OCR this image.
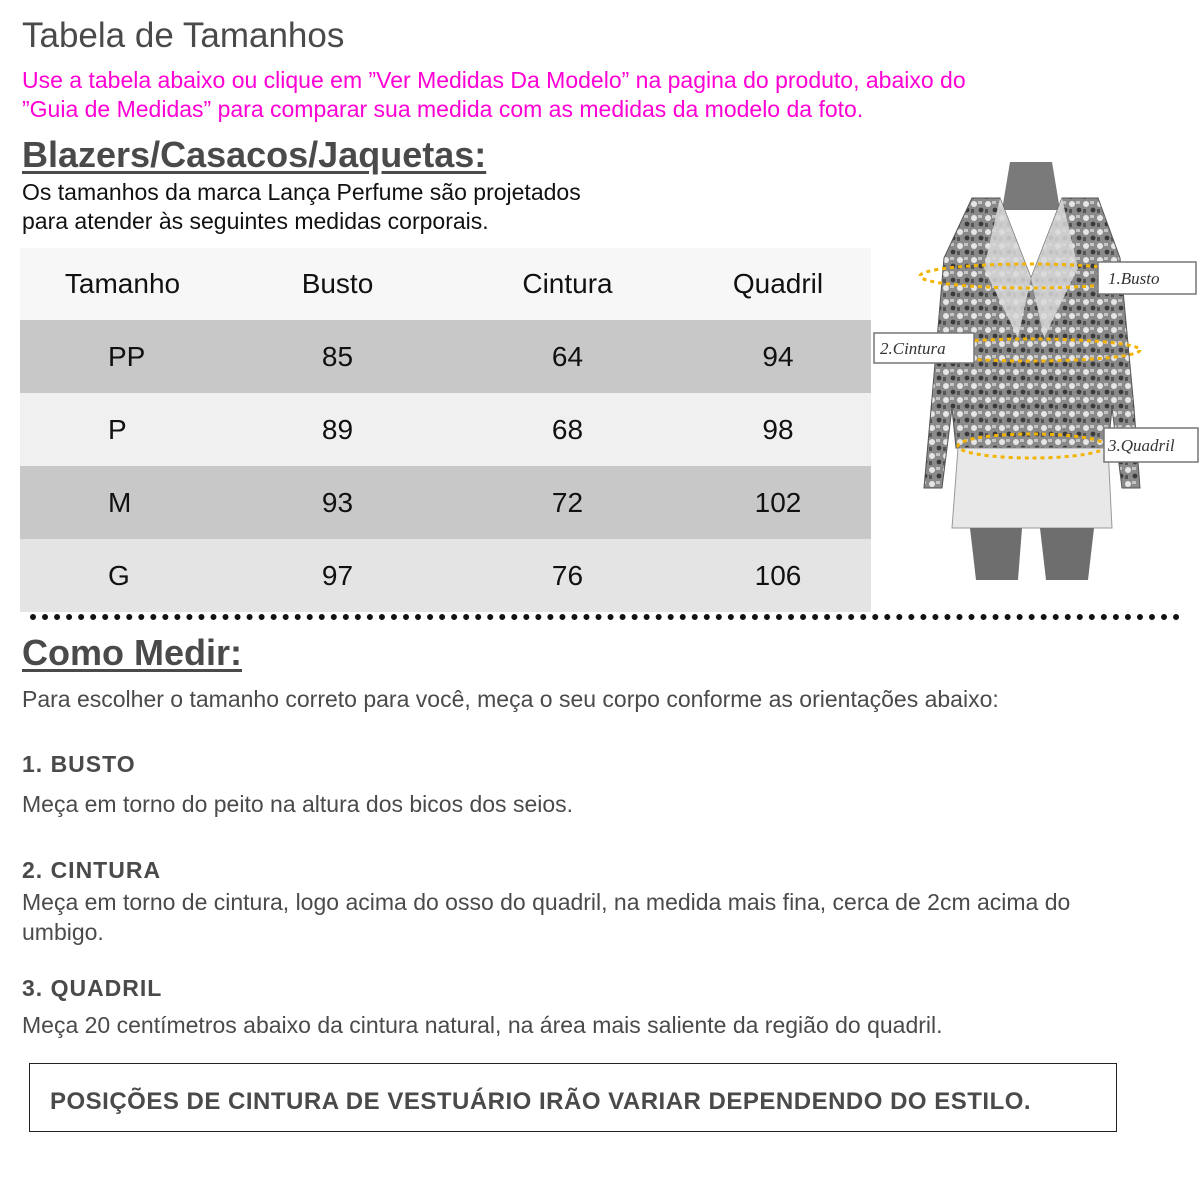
Tabela de Tamanhos
Use a tabela abaixo ou clique em ”Ver Medidas Da Modelo” na pagina do produto, abaixo do
”Guia de Medidas” para comparar sua medida com as medidas da modelo da foto.
Blazers/Casacos/Jaquetas:
Os tamanhos da marca Lança Perfume são projetados
para atender às seguintes medidas corporais.
Tamanho	Busto	Cintura	Quadril
PP	85	64	94
P	89	68	98
M	93	72	102
G	97	76	106
1.Busto
2.Cintura
3.Quadril
Como Medir:
Para escolher o tamanho correto para você, meça o seu corpo conforme as orientações abaixo:
1. BUSTO
Meça em torno do peito na altura dos bicos dos seios.
2. CINTURA
Meça em torno de cintura, logo acima do osso do quadril, na medida mais fina, cerca de 2cm acima do umbigo.
3. QUADRIL
Meça 20 centímetros abaixo da cintura natural, na área mais saliente da região do quadril.
POSIÇÕES DE CINTURA DE VESTUÁRIO IRÃO VARIAR DEPENDENDO DO ESTILO.
